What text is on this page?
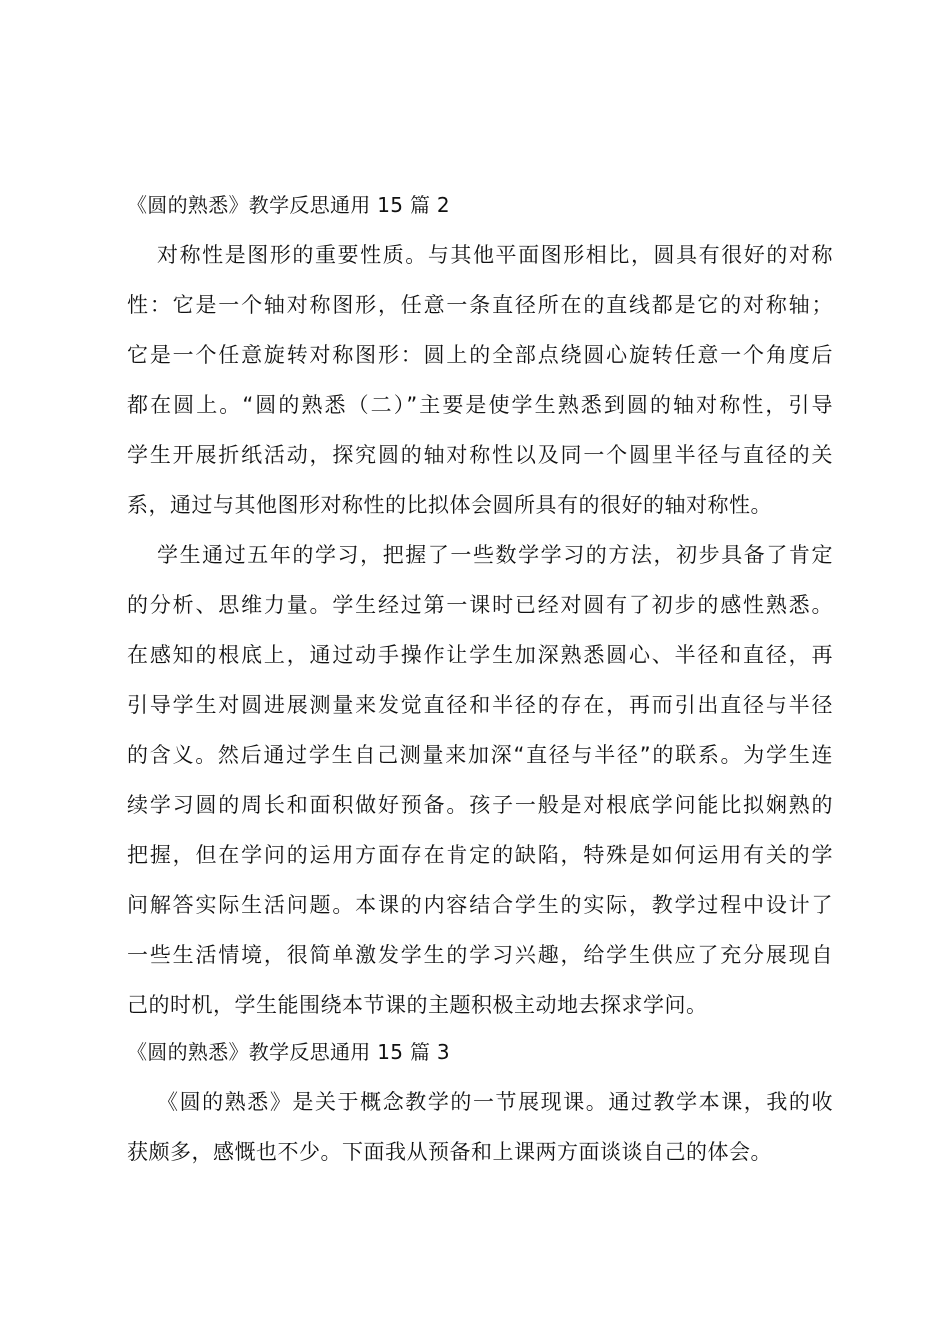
《圆的熟悉》教学反思通用 15 篇 2
对称性是图形的重要性质。与其他平面图形相比，圆具有很好的对称
性：它是一个轴对称图形，任意一条直径所在的直线都是它的对称轴；
它是一个任意旋转对称图形：圆上的全部点绕圆心旋转任意一个角度后
都在圆上。“圆的熟悉（二）”主要是使学生熟悉到圆的轴对称性，引导
学生开展折纸活动，探究圆的轴对称性以及同一个圆里半径与直径的关
系，通过与其他图形对称性的比拟体会圆所具有的很好的轴对称性。
学生通过五年的学习，把握了一些数学学习的方法，初步具备了肯定
的分析、思维力量。学生经过第一课时已经对圆有了初步的感性熟悉。
在感知的根底上，通过动手操作让学生加深熟悉圆心、半径和直径，再
引导学生对圆进展测量来发觉直径和半径的存在，再而引出直径与半径
的含义。然后通过学生自己测量来加深“直径与半径”的联系。为学生连
续学习圆的周长和面积做好预备。孩子一般是对根底学问能比拟娴熟的
把握，但在学问的运用方面存在肯定的缺陷，特殊是如何运用有关的学
问解答实际生活问题。本课的内容结合学生的实际，教学过程中设计了
一些生活情境，很简单激发学生的学习兴趣，给学生供应了充分展现自
己的时机，学生能围绕本节课的主题积极主动地去探求学问。
《圆的熟悉》教学反思通用 15 篇 3
《圆的熟悉》是关于概念教学的一节展现课。通过教学本课，我的收
获颇多，感慨也不少。下面我从预备和上课两方面谈谈自己的体会。
